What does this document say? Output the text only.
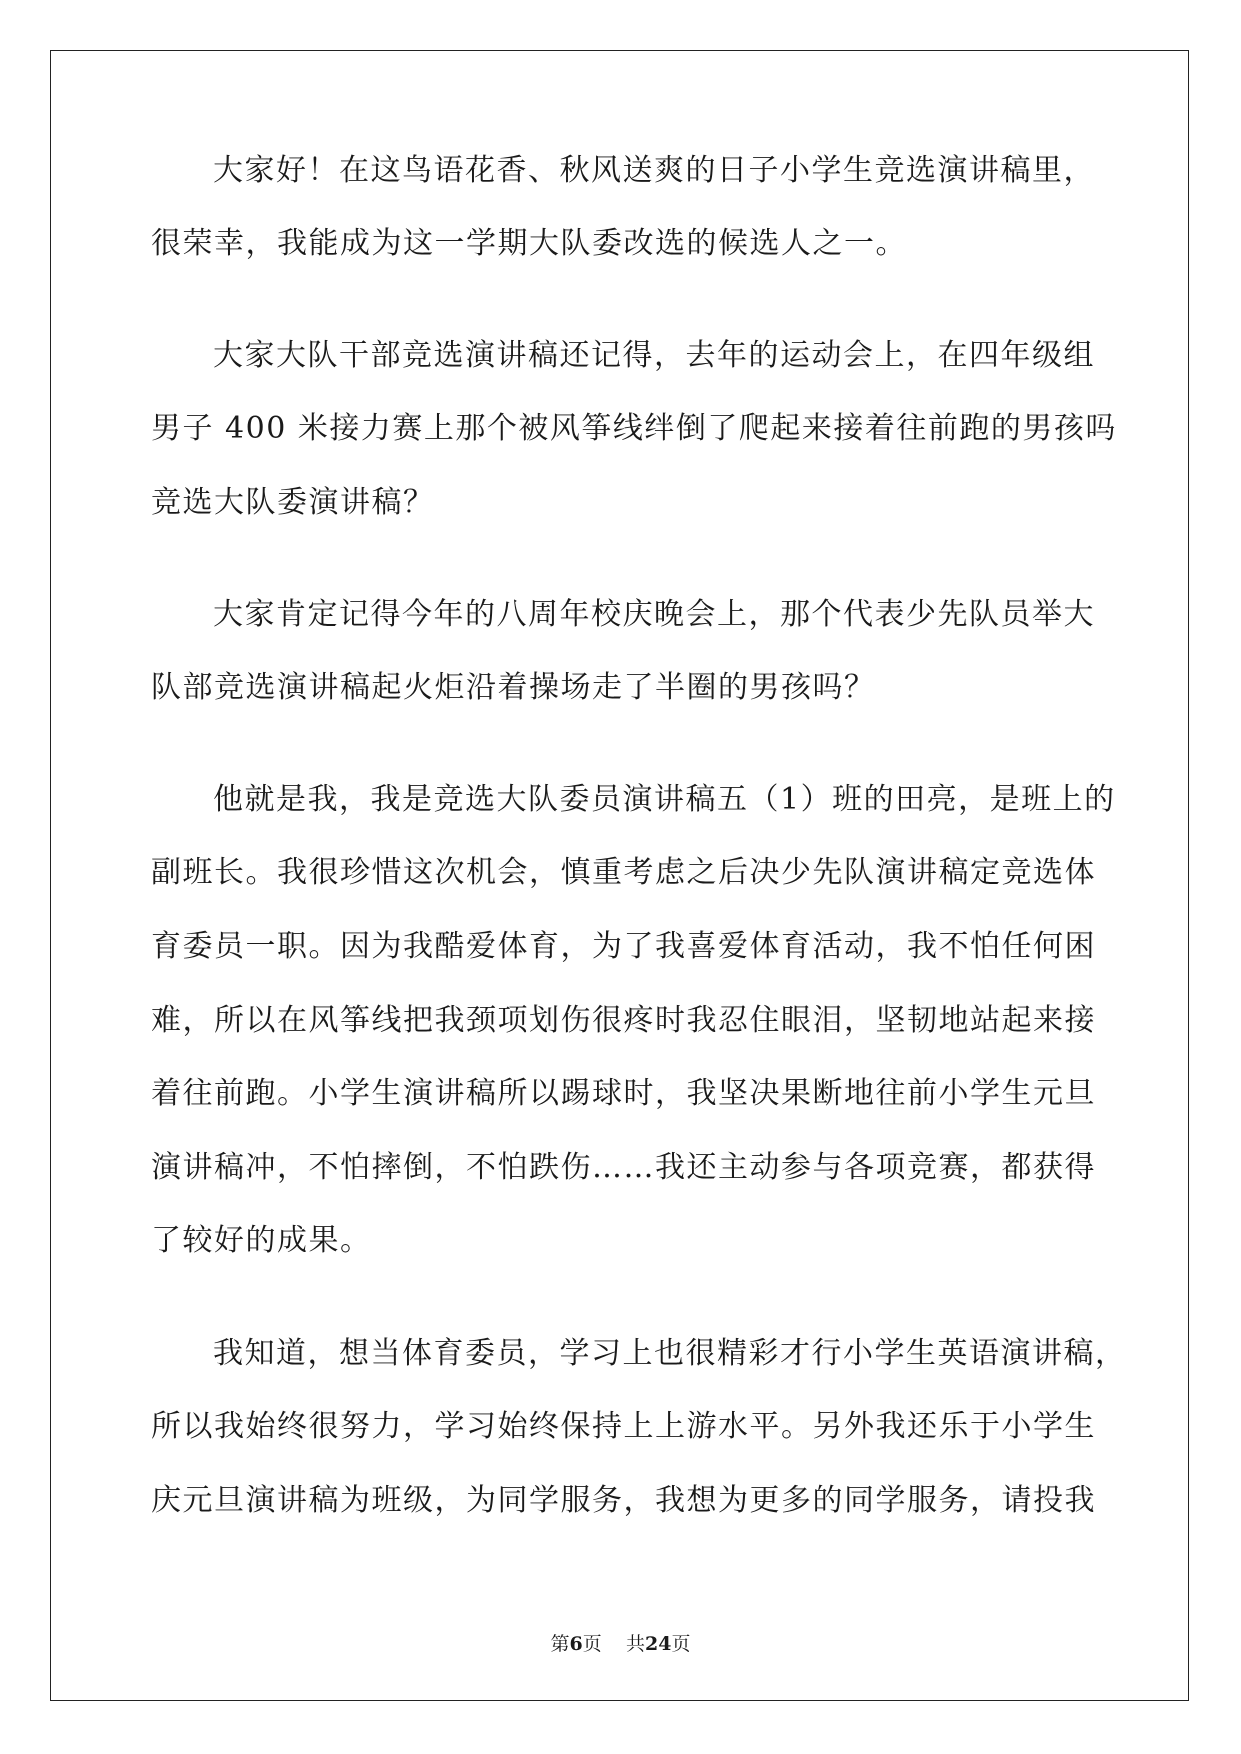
大家好！在这鸟语花香、秋风送爽的日子小学生竞选演讲稿里，

很荣幸，我能成为这一学期大队委改选的候选人之一。

大家大队干部竞选演讲稿还记得，去年的运动会上，在四年级组

男子 400 米接力赛上那个被风筝线绊倒了爬起来接着往前跑的男孩吗

竞选大队委演讲稿？

大家肯定记得今年的八周年校庆晚会上，那个代表少先队员举大

队部竞选演讲稿起火炬沿着操场走了半圈的男孩吗？

他就是我，我是竞选大队委员演讲稿五（1）班的田亮，是班上的

副班长。我很珍惜这次机会，慎重考虑之后决少先队演讲稿定竞选体

育委员一职。因为我酷爱体育，为了我喜爱体育活动，我不怕任何困

难，所以在风筝线把我颈项划伤很疼时我忍住眼泪，坚韧地站起来接

着往前跑。小学生演讲稿所以踢球时，我坚决果断地往前小学生元旦

演讲稿冲，不怕摔倒，不怕跌伤……我还主动参与各项竞赛，都获得

了较好的成果。

我知道，想当体育委员，学习上也很精彩才行小学生英语演讲稿，

所以我始终很努力，学习始终保持上上游水平。另外我还乐于小学生

庆元旦演讲稿为班级，为同学服务，我想为更多的同学服务，请投我

第6页 共24页
